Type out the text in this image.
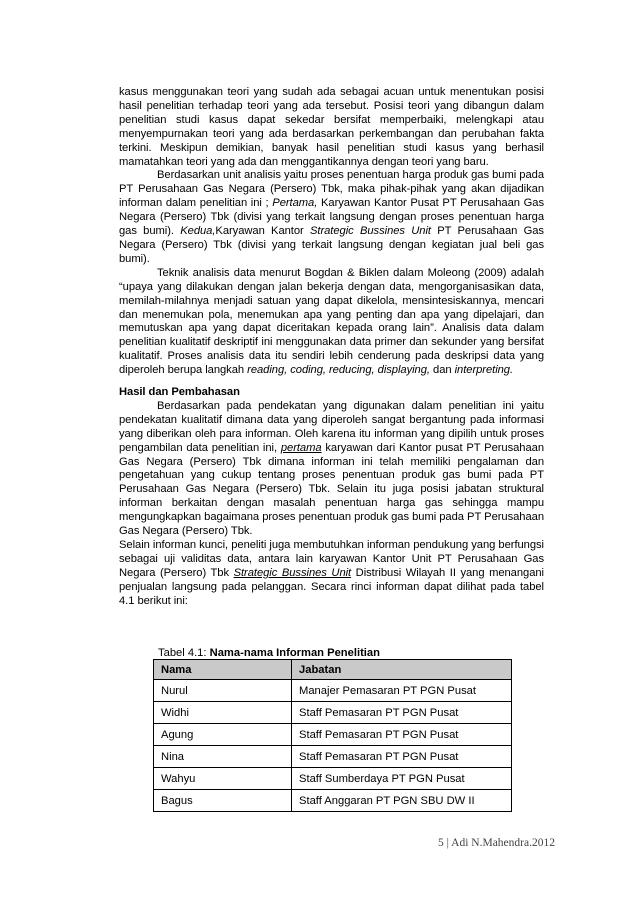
kasus menggunakan teori yang sudah ada sebagai acuan untuk menentukan posisi hasil penelitian terhadap teori yang ada tersebut. Posisi teori yang dibangun dalam penelitian studi kasus dapat sekedar bersifat memperbaiki, melengkapi atau menyempurnakan teori yang ada berdasarkan perkembangan dan perubahan fakta terkini. Meskipun demikian, banyak hasil penelitian studi kasus yang berhasil mamatahkan teori yang ada dan menggantikannya dengan teori yang baru.

Berdasarkan unit analisis yaitu proses penentuan harga produk gas bumi pada PT Perusahaan Gas Negara (Persero) Tbk, maka pihak-pihak yang akan dijadikan informan dalam penelitian ini ; Pertama, Karyawan Kantor Pusat PT Perusahaan Gas Negara (Persero) Tbk (divisi yang terkait langsung dengan proses penentuan harga gas bumi). Kedua,Karyawan Kantor Strategic Bussines Unit PT Perusahaan Gas Negara (Persero) Tbk (divisi yang terkait langsung dengan kegiatan jual beli gas bumi).

Teknik analisis data menurut Bogdan & Biklen dalam Moleong (2009) adalah “upaya yang dilakukan dengan jalan bekerja dengan data, mengorganisasikan data, memilah-milahnya menjadi satuan yang dapat dikelola, mensintesiskannya, mencari dan menemukan pola, menemukan apa yang penting dan apa yang dipelajari, dan memutuskan apa yang dapat diceritakan kepada orang lain”. Analisis data dalam penelitian kualitatif deskriptif ini menggunakan data primer dan sekunder yang bersifat kualitatif. Proses analisis data itu sendiri lebih cenderung pada deskripsi data yang diperoleh berupa langkah reading, coding, reducing, displaying, dan interpreting.

Hasil dan Pembahasan

Berdasarkan pada pendekatan yang digunakan dalam penelitian ini yaitu pendekatan kualitatif dimana data yang diperoleh sangat bergantung pada informasi yang diberikan oleh para informan. Oleh karena itu informan yang dipilih untuk proses pengambilan data penelitian ini, pertama karyawan dari Kantor pusat PT Perusahaan Gas Negara (Persero) Tbk dimana informan ini telah memiliki pengalaman dan pengetahuan yang cukup tentang proses penentuan produk gas bumi pada PT Perusahaan Gas Negara (Persero) Tbk. Selain itu juga posisi jabatan struktural informan berkaitan dengan masalah penentuan harga gas sehingga mampu mengungkapkan bagaimana proses penentuan produk gas bumi pada PT Perusahaan Gas Negara (Persero) Tbk.

Selain informan kunci, peneliti juga membutuhkan informan pendukung yang berfungsi sebagai uji validitas data, antara lain karyawan Kantor Unit PT Perusahaan Gas Negara (Persero) Tbk Strategic Bussines Unit Distribusi Wilayah II yang menangani penjualan langsung pada pelanggan. Secara rinci informan dapat dilihat pada tabel 4.1 berikut ini:

Tabel 4.1: Nama-nama Informan Penelitian
Nama	Jabatan
Nurul	Manajer Pemasaran PT PGN Pusat
Widhi	Staff Pemasaran PT PGN Pusat
Agung	Staff Pemasaran PT PGN Pusat
Nina	Staff Pemasaran PT PGN Pusat
Wahyu	Staff Sumberdaya PT PGN Pusat
Bagus	Staff Anggaran PT PGN SBU DW II
5 | Adi N.Mahendra.2012
